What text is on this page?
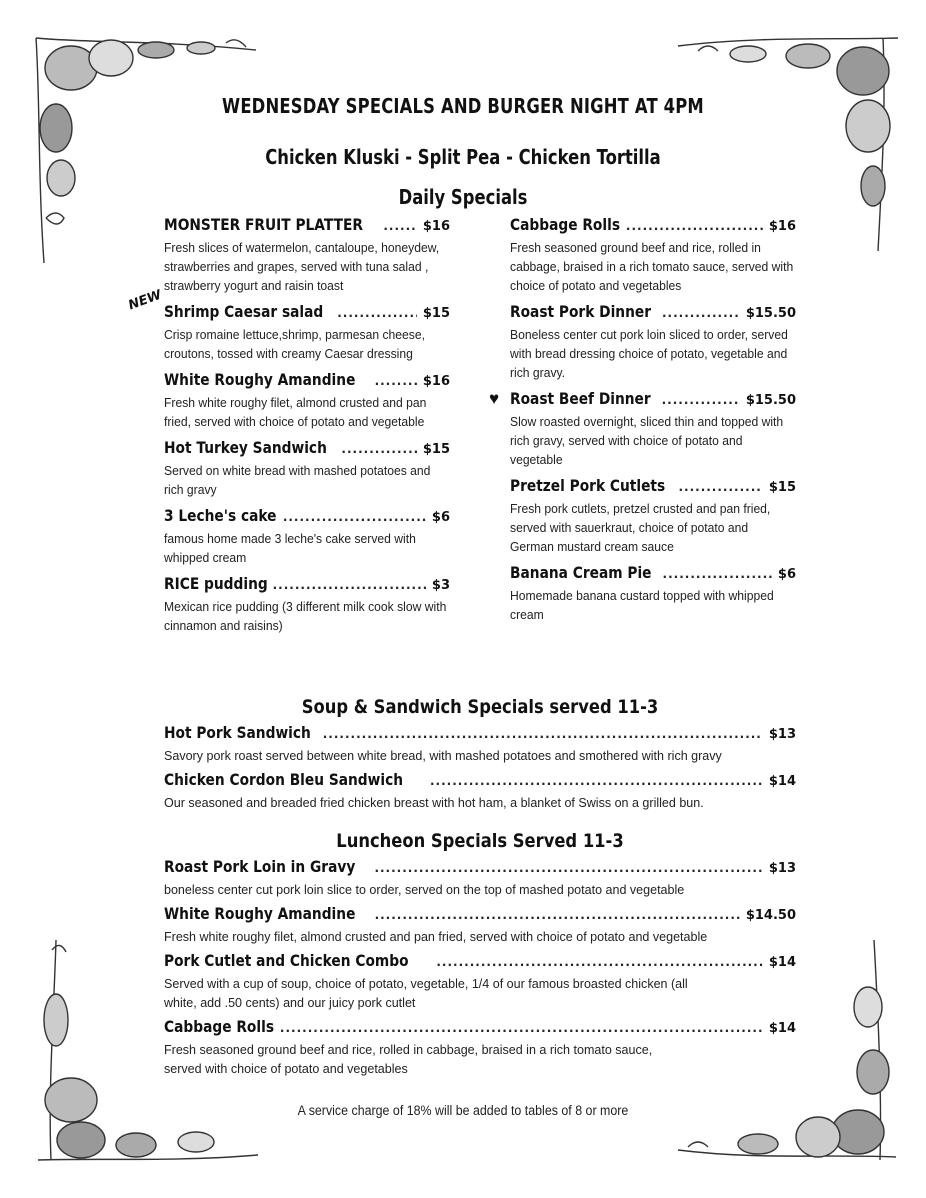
WEDNESDAY SPECIALS AND BURGER NIGHT AT 4PM
Chicken Kluski - Split Pea - Chicken Tortilla
Daily Specials
MONSTER FRUIT PLATTER .....	$16
Fresh slices of watermelon, cantaloupe, honeydew, strawberries and grapes, served with tuna salad , strawberry yogurt and raisin toast
NEW Shrimp Caesar salad .....	$15
Crisp romaine lettuce,shrimp, parmesan cheese, croutons, tossed with creamy Caesar dressing
White Roughy Amandine .....	$16
Fresh white roughy filet, almond crusted and pan fried, served with choice of potato and vegetable
Hot Turkey Sandwich .....	$15
Served on white bread with mashed potatoes and rich gravy
3 Leche's cake .....	$6
famous home made 3 leche's cake served with whipped cream
RICE pudding .....	$3
Mexican rice pudding (3 different milk cook slow with cinnamon and raisins)
Cabbage Rolls .....	$16
Fresh seasoned ground beef and rice, rolled in cabbage, braised in a rich tomato sauce, served with choice of potato and vegetables
Roast Pork Dinner .....	$15.50
Boneless center cut pork loin sliced to order, served with bread dressing choice of potato, vegetable and rich gravy.
♥ Roast Beef Dinner .....	$15.50
Slow roasted overnight, sliced thin and topped with rich gravy, served with choice of potato and vegetable
Pretzel Pork Cutlets .....	$15
Fresh pork cutlets, pretzel crusted and pan fried, served with sauerkraut, choice of potato and German mustard cream sauce
Banana Cream Pie .....	$6
Homemade banana custard topped with whipped cream
Soup & Sandwich Specials served 11-3
Hot Pork Sandwich .....	$13
Savory pork roast served between white bread, with mashed potatoes and smothered with rich gravy
Chicken Cordon Bleu Sandwich .....	$14
Our seasoned and breaded fried chicken breast with hot ham, a blanket of Swiss on a grilled bun.
Luncheon Specials Served 11-3
Roast Pork Loin in Gravy .....	$13
boneless center cut pork loin slice to order, served on the top of mashed potato and vegetable
White Roughy Amandine .....	$14.50
Fresh white roughy filet, almond crusted and pan fried, served with choice of potato and vegetable
Pork Cutlet and Chicken Combo .....	$14
Served with a cup of soup, choice of potato, vegetable, 1/4 of our famous broasted chicken (all white, add .50 cents) and our juicy pork cutlet
Cabbage Rolls .....	$14
Fresh seasoned ground beef and rice, rolled in cabbage, braised in a rich tomato sauce, served with choice of potato and vegetables
A service charge of 18% will be added to tables of 8 or more
